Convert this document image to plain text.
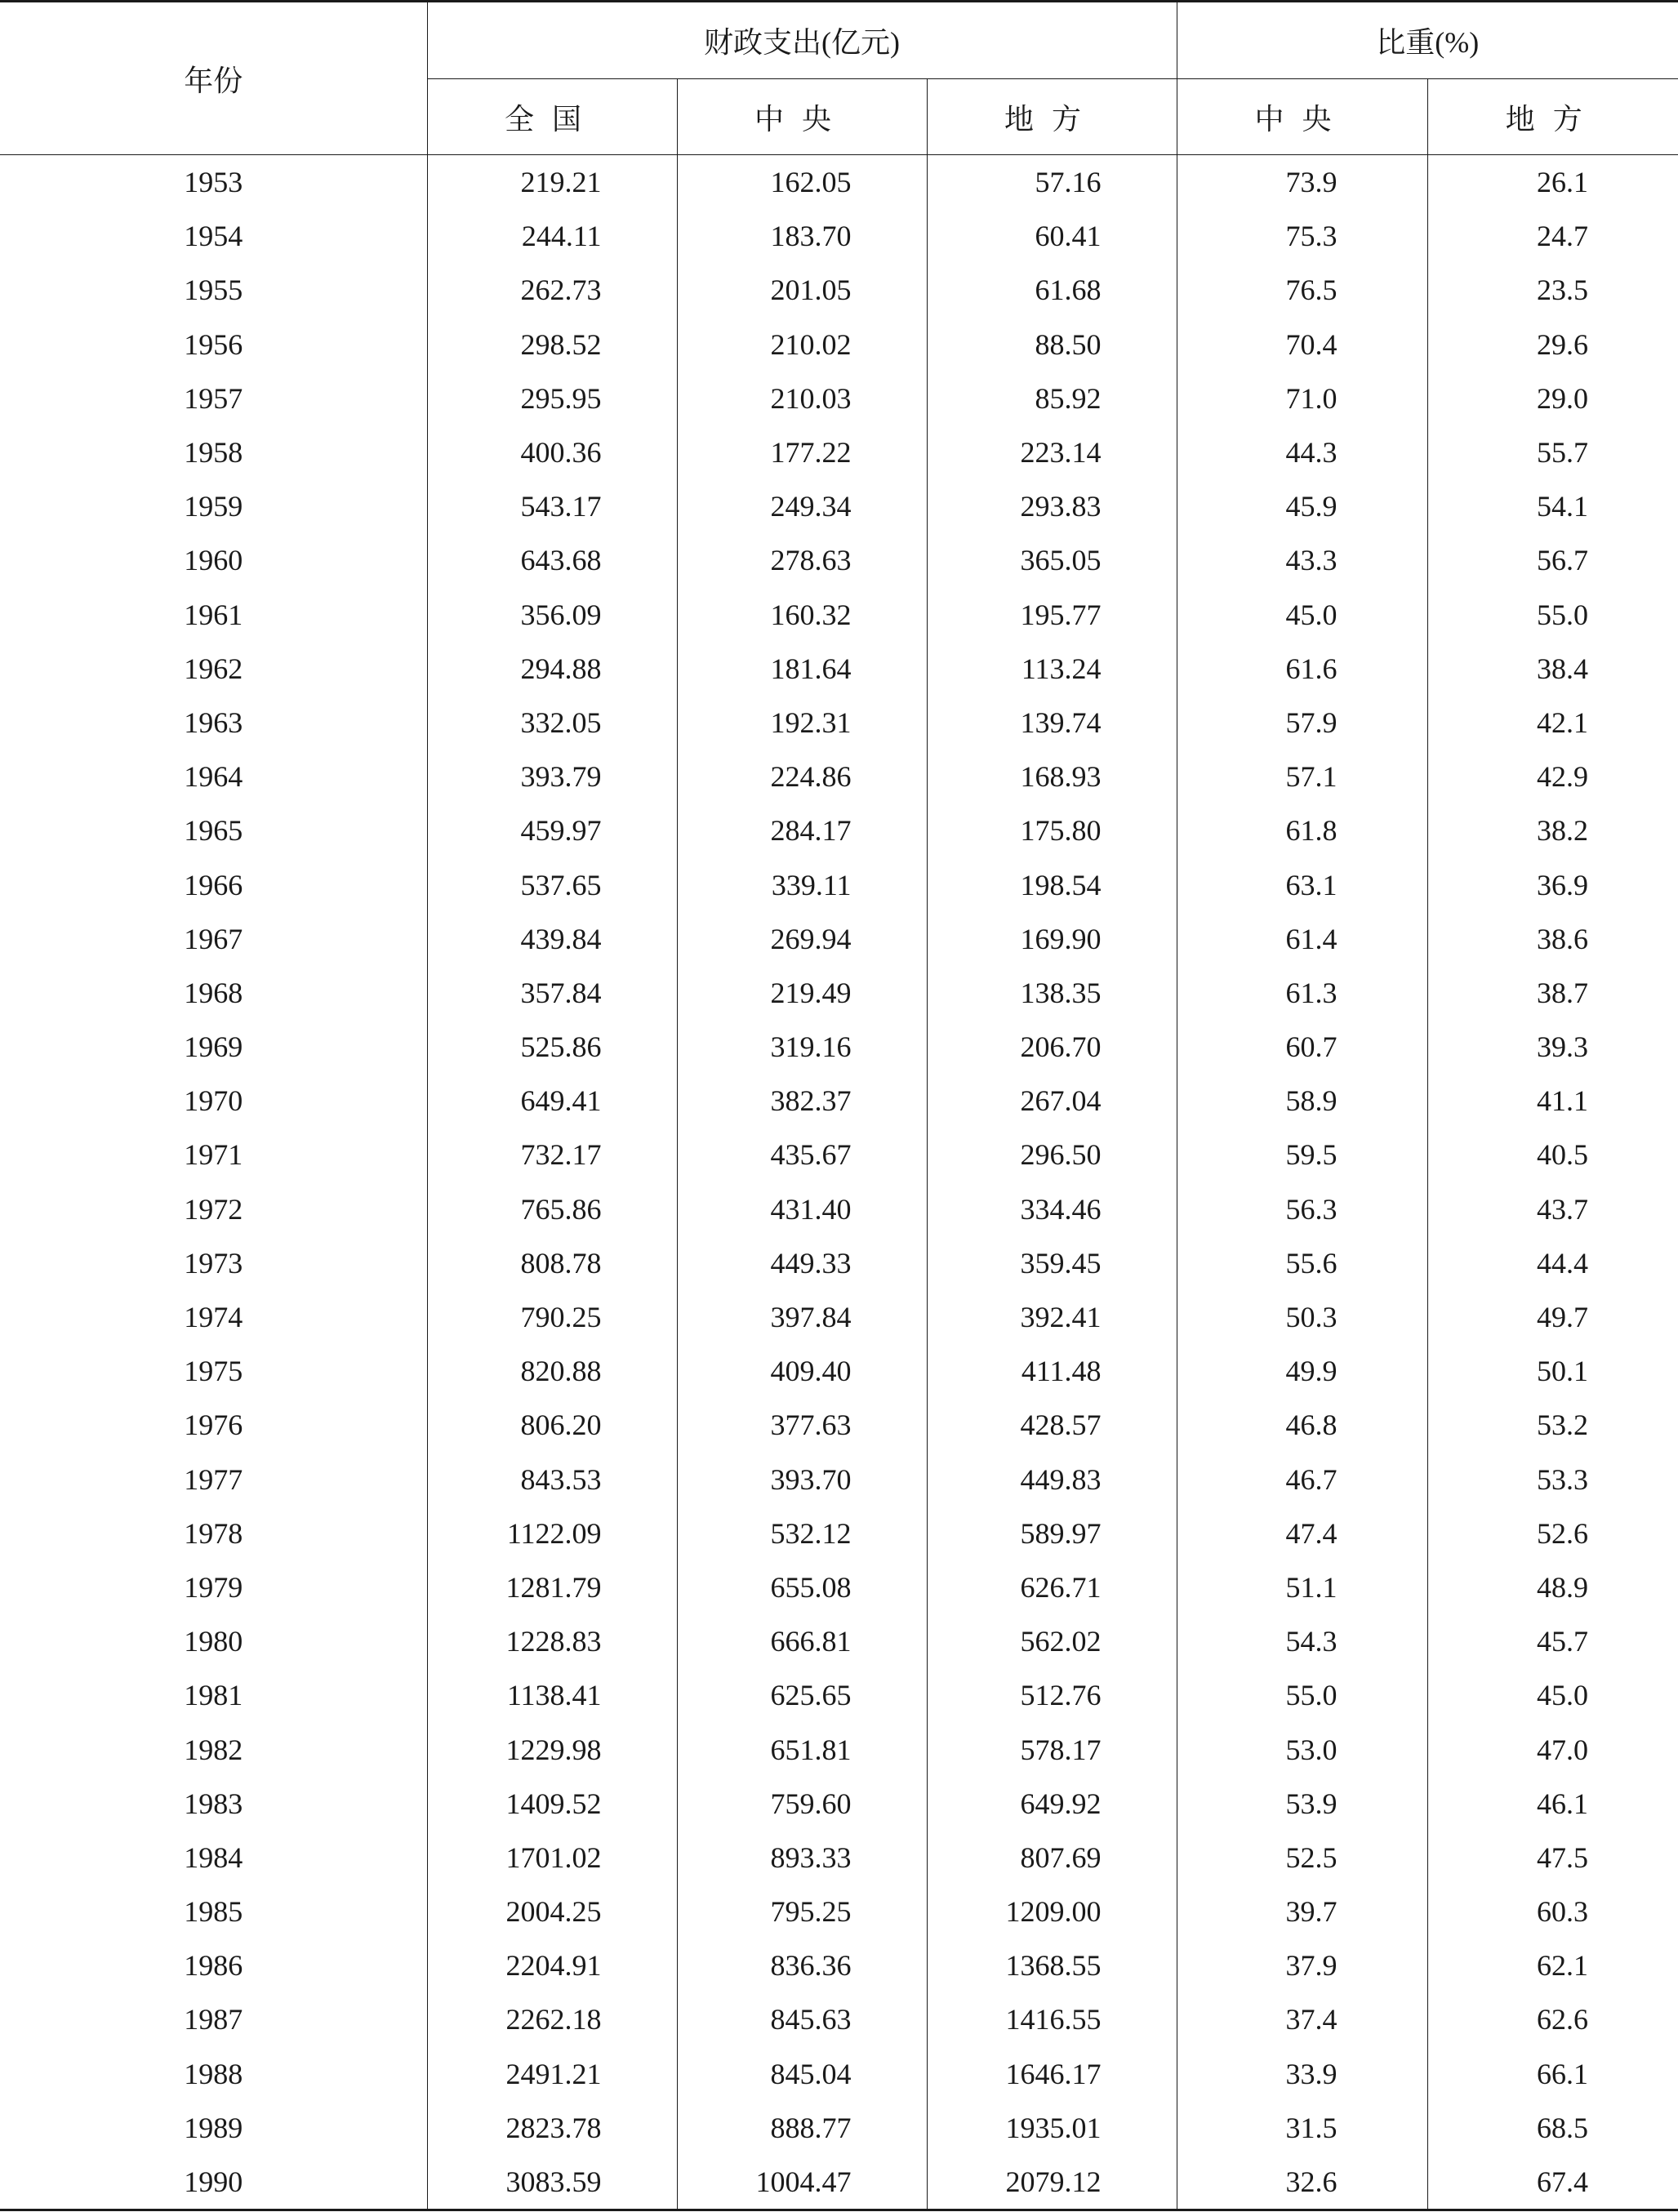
年份	财政支出(亿元)			比重(%)	
	全国	中央	地方	中央	地方
1953	219.21	162.05	57.16	73.9	26.1
1954	244.11	183.70	60.41	75.3	24.7
1955	262.73	201.05	61.68	76.5	23.5
1956	298.52	210.02	88.50	70.4	29.6
1957	295.95	210.03	85.92	71.0	29.0
1958	400.36	177.22	223.14	44.3	55.7
1959	543.17	249.34	293.83	45.9	54.1
1960	643.68	278.63	365.05	43.3	56.7
1961	356.09	160.32	195.77	45.0	55.0
1962	294.88	181.64	113.24	61.6	38.4
1963	332.05	192.31	139.74	57.9	42.1
1964	393.79	224.86	168.93	57.1	42.9
1965	459.97	284.17	175.80	61.8	38.2
1966	537.65	339.11	198.54	63.1	36.9
1967	439.84	269.94	169.90	61.4	38.6
1968	357.84	219.49	138.35	61.3	38.7
1969	525.86	319.16	206.70	60.7	39.3
1970	649.41	382.37	267.04	58.9	41.1
1971	732.17	435.67	296.50	59.5	40.5
1972	765.86	431.40	334.46	56.3	43.7
1973	808.78	449.33	359.45	55.6	44.4
1974	790.25	397.84	392.41	50.3	49.7
1975	820.88	409.40	411.48	49.9	50.1
1976	806.20	377.63	428.57	46.8	53.2
1977	843.53	393.70	449.83	46.7	53.3
1978	1122.09	532.12	589.97	47.4	52.6
1979	1281.79	655.08	626.71	51.1	48.9
1980	1228.83	666.81	562.02	54.3	45.7
1981	1138.41	625.65	512.76	55.0	45.0
1982	1229.98	651.81	578.17	53.0	47.0
1983	1409.52	759.60	649.92	53.9	46.1
1984	1701.02	893.33	807.69	52.5	47.5
1985	2004.25	795.25	1209.00	39.7	60.3
1986	2204.91	836.36	1368.55	37.9	62.1
1987	2262.18	845.63	1416.55	37.4	62.6
1988	2491.21	845.04	1646.17	33.9	66.1
1989	2823.78	888.77	1935.01	31.5	68.5
1990	3083.59	1004.47	2079.12	32.6	67.4
